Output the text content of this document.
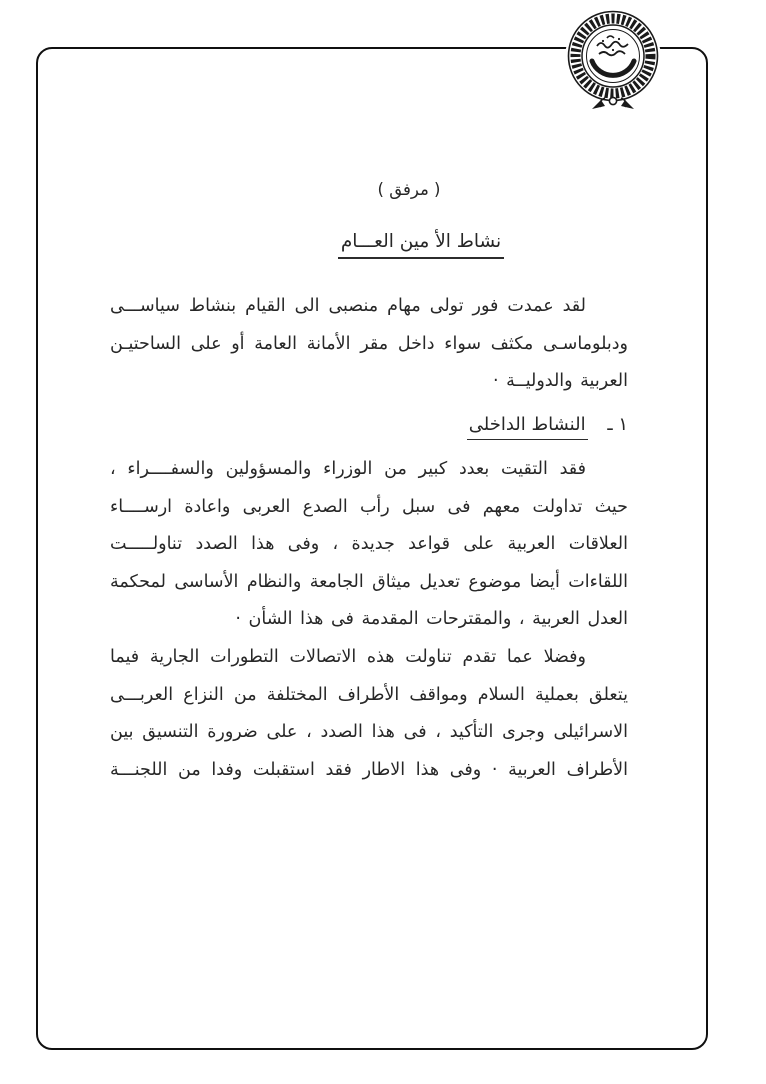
( مرفق )
نشاط الأ مين العـــام
لقد عمدت فور تولى مهام منصبى الى القيام بنشاط سياســـى
ودبلوماسـى مكثف سواء داخل مقر الأمانة العامة أو على الساحتيـن
العربية والدوليــة ·
١ ـ النشاط الداخلى
فقد التقيت بعدد كبير من الوزراء والمسؤولين والسفــــراء ،
حيث تداولت معهم فى سبل رأب الصدع العربى واعادة ارســــاء
العلاقات العربية على قواعد جديدة ، وفى هذا الصدد تناولـــــت
اللقاءات أيضا موضوع تعديل ميثاق الجامعة والنظام الأساسى لمحكمة
العدل العربية ، والمقترحات المقدمة فى هذا الشأن ·
وفضلا عما تقدم تناولت هذه الاتصالات التطورات الجارية فيما
يتعلق بعملية السلام ومواقف الأطراف المختلفة من النزاع العربـــى
الاسرائيلى وجرى التأكيد ، فى هذا الصدد ، على ضرورة التنسيق بين
الأطراف العربية · وفى هذا الاطار فقد استقبلت وفدا من اللجنـــة
